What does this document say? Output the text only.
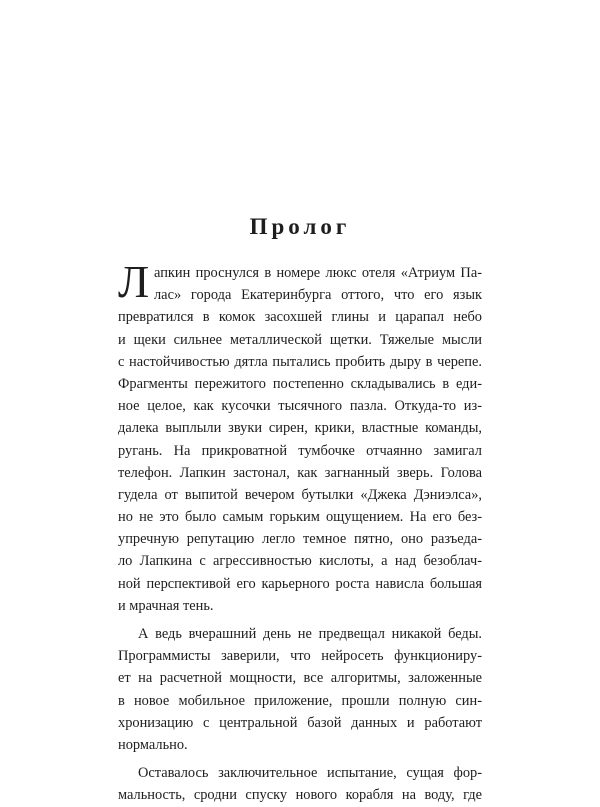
Пролог
Л апкин проснулся в номере люкс отеля «Атриум Па-
лас» города Екатеринбурга оттого, что его язык
превратился в комок засохшей глины и царапал небо
и щеки сильнее металлической щетки. Тяжелые мысли
с настойчивостью дятла пытались пробить дыру в черепе.
Фрагменты пережитого постепенно складывались в еди-
ное целое, как кусочки тысячного пазла. Откуда-то из-
далека выплыли звуки сирен, крики, властные команды,
ругань. На прикроватной тумбочке отчаянно замигал
телефон. Лапкин застонал, как загнанный зверь. Голова
гудела от выпитой вечером бутылки «Джека Дэниэлса»,
но не это было самым горьким ощущением. На его без-
упречную репутацию легло темное пятно, оно разъеда-
ло Лапкина с агрессивностью кислоты, а над безоблач-
ной перспективой его карьерного роста нависла большая
и мрачная тень.
А ведь вчерашний день не предвещал никакой беды.
Программисты заверили, что нейросеть функциониру-
ет на расчетной мощности, все алгоритмы, заложенные
в новое мобильное приложение, прошли полную син-
хронизацию с центральной базой данных и работают
нормально.
Оставалось заключительное испытание, сущая фор-
мальность, сродни спуску нового корабля на воду, где
